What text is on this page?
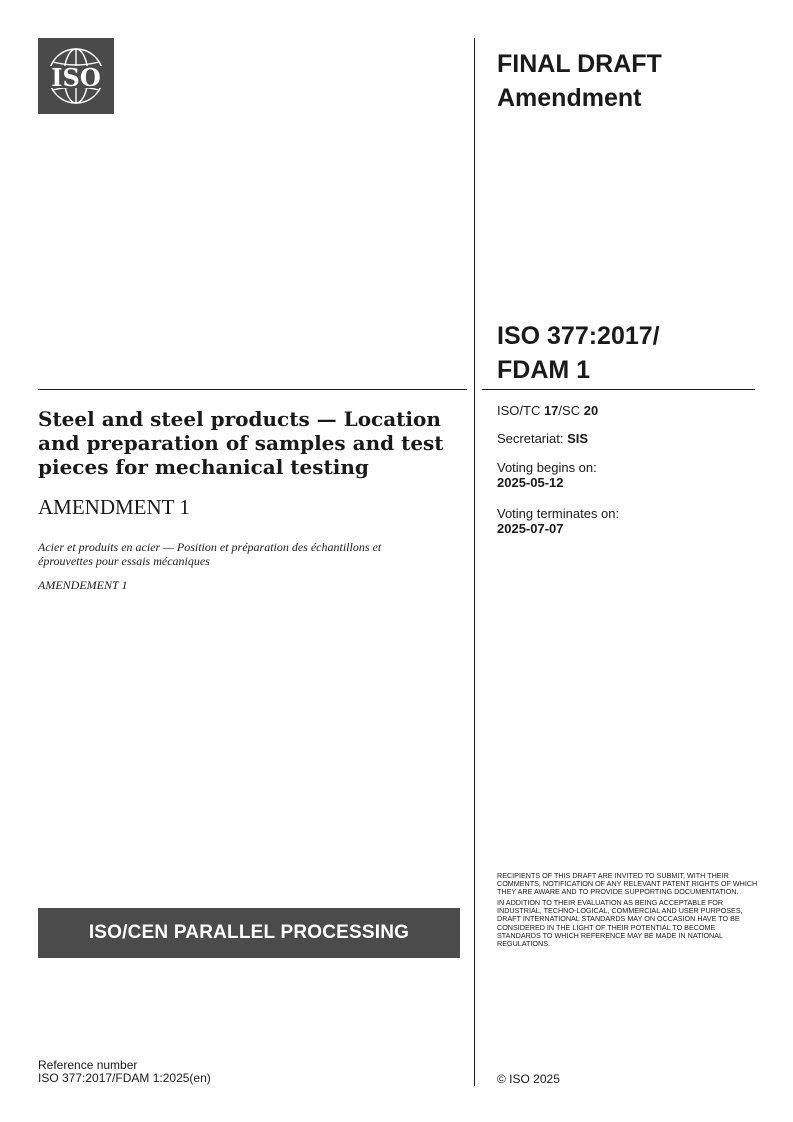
ISO	FINAL DRAFT
Amendment
ISO 377:2017/
FDAM 1
ISO/TC 17/SC 20
Secretariat: SIS
Voting begins on:
2025-05-12
Voting terminates on:
2025-07-07
Steel and steel products — Location and preparation of samples and test pieces for mechanical testing
AMENDMENT 1
Acier et produits en acier — Position et préparation des échantillons et éprouvettes pour essais mécaniques
AMENDEMENT 1
ISO/CEN PARALLEL PROCESSING

RECIPIENTS OF THIS DRAFT ARE INVITED TO SUBMIT, WITH THEIR COMMENTS, NOTIFICATION OF ANY RELEVANT PATENT RIGHTS OF WHICH THEY ARE AWARE AND TO PROVIDE SUPPORTING DOCUMENTATION.

IN ADDITION TO THEIR EVALUATION AS BEING ACCEPTABLE FOR INDUSTRIAL, TECHNO-LOGICAL, COMMERCIAL AND USER PURPOSES, DRAFT INTERNATIONAL STANDARDS MAY ON OCCASION HAVE TO BE CONSIDERED IN THE LIGHT OF THEIR POTENTIAL TO BECOME STANDARDS TO WHICH REFERENCE MAY BE MADE IN NATIONAL REGULATIONS.

Reference number
ISO 377:2017/FDAM 1:2025(en)	© ISO 2025
